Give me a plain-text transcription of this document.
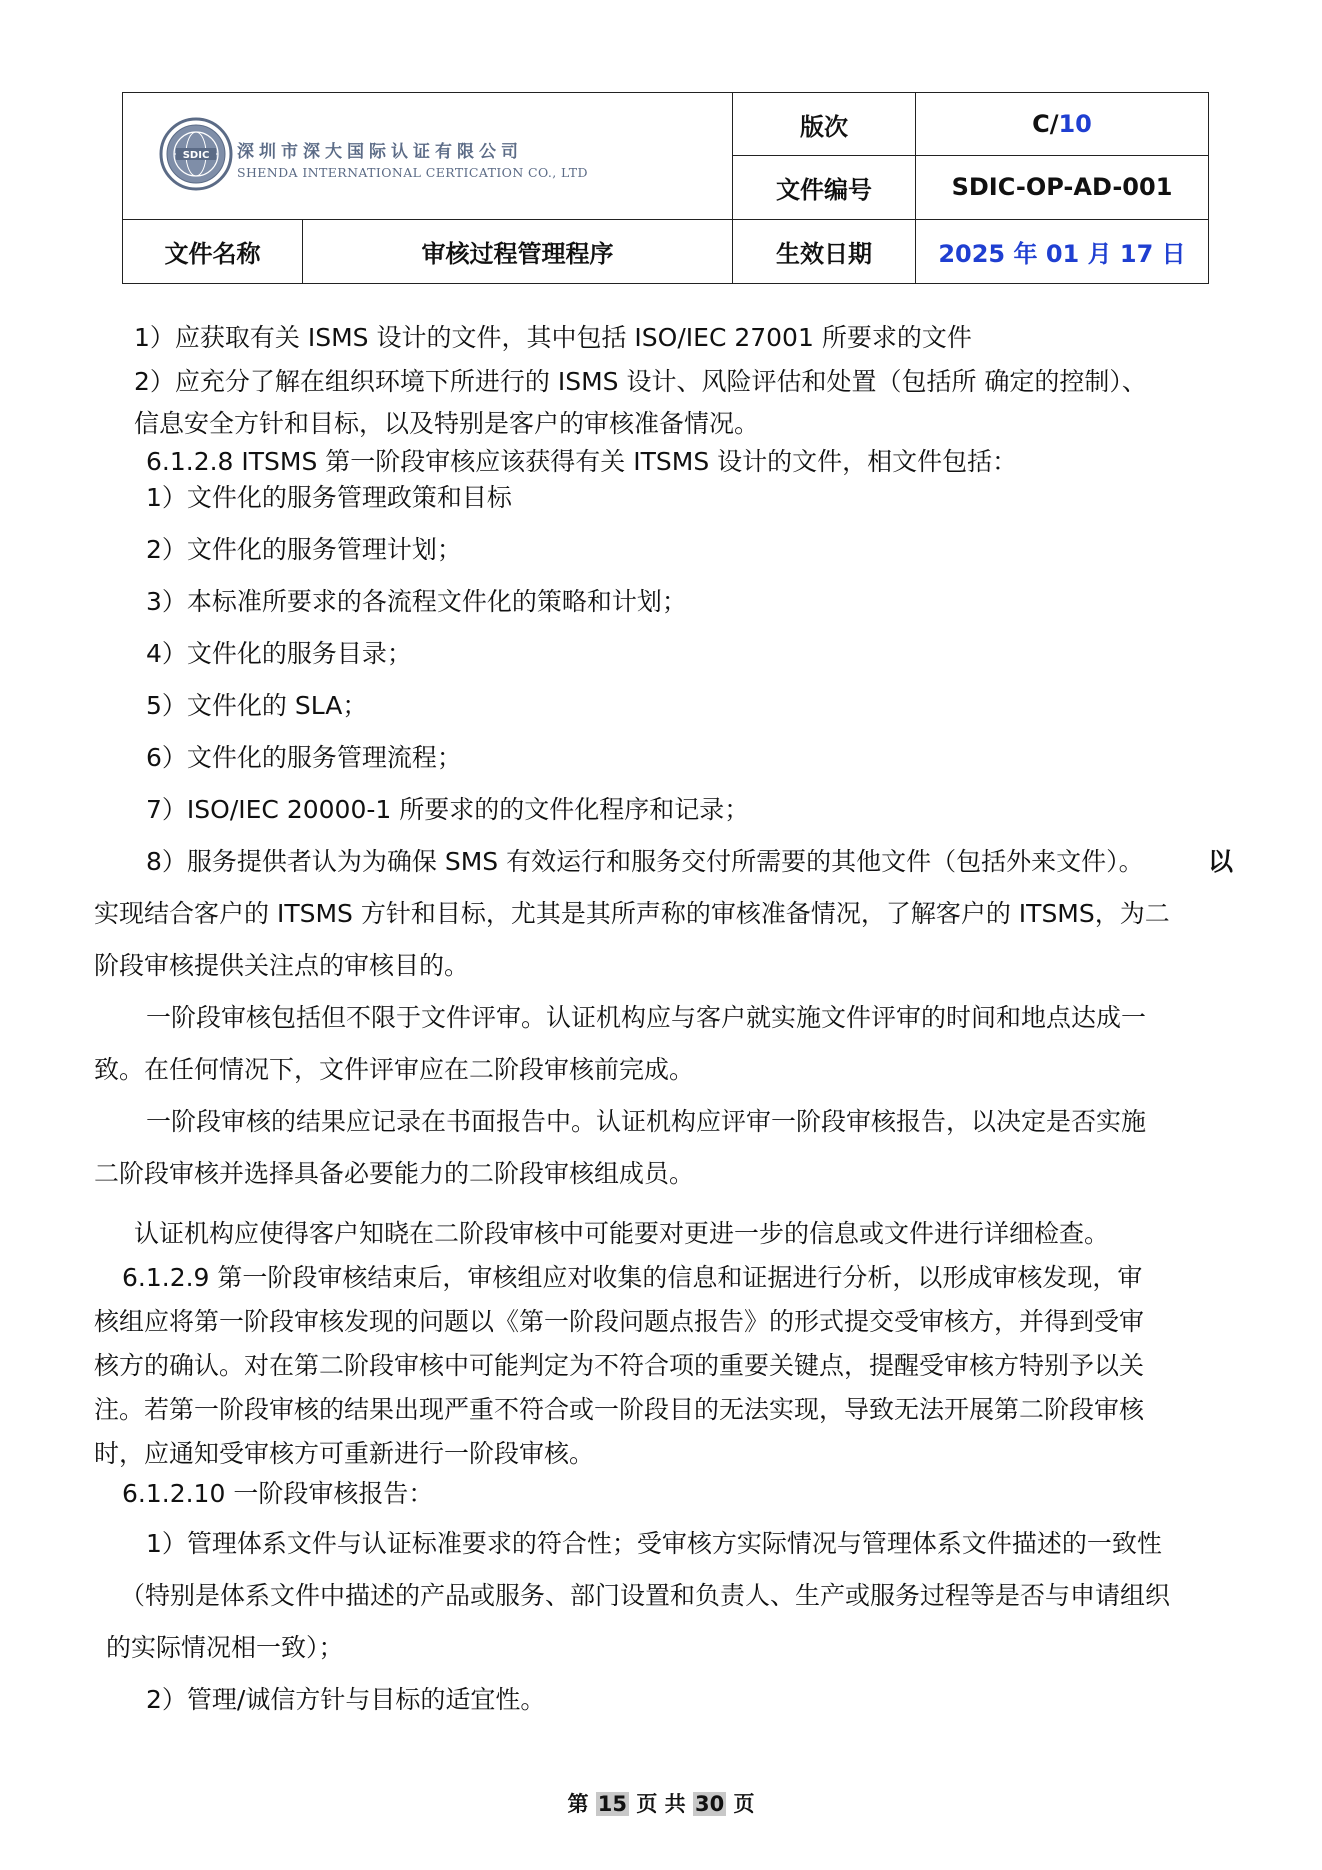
SDIC 深圳市深大国际认证有限公司
SHENDA INTERNATIONAL CERTICATION CO., LTD		版次	C/10
		文件编号	SDIC-OP-AD-001
文件名称	审核过程管理程序	生效日期	2025 年 01 月 17 日
1）应获取有关 ISMS 设计的文件，其中包括 ISO/IEC 27001 所要求的文件
2）应充分了解在组织环境下所进行的 ISMS 设计、风险评估和处置（包括所 确定的控制）、
信息安全方针和目标，以及特别是客户的审核准备情况。
6.1.2.8 ITSMS 第一阶段审核应该获得有关 ITSMS 设计的文件，相文件包括：
1）文件化的服务管理政策和目标
2）文件化的服务管理计划；
3）本标准所要求的各流程文件化的策略和计划；
4）文件化的服务目录；
5）文件化的 SLA；
6）文件化的服务管理流程；
7）ISO/IEC 20000-1 所要求的的文件化程序和记录；
8）服务提供者认为为确保 SMS 有效运行和服务交付所需要的其他文件（包括外来文件）。	以
实现结合客户的 ITSMS 方针和目标，尤其是其所声称的审核准备情况，了解客户的 ITSMS，为二
阶段审核提供关注点的审核目的。
一阶段审核包括但不限于文件评审。认证机构应与客户就实施文件评审的时间和地点达成一
致。在任何情况下，文件评审应在二阶段审核前完成。
一阶段审核的结果应记录在书面报告中。认证机构应评审一阶段审核报告，以决定是否实施
二阶段审核并选择具备必要能力的二阶段审核组成员。
认证机构应使得客户知晓在二阶段审核中可能要对更进一步的信息或文件进行详细检查。
6.1.2.9 第一阶段审核结束后，审核组应对收集的信息和证据进行分析，以形成审核发现，审
核组应将第一阶段审核发现的问题以《第一阶段问题点报告》的形式提交受审核方，并得到受审
核方的确认。对在第二阶段审核中可能判定为不符合项的重要关键点，提醒受审核方特别予以关
注。若第一阶段审核的结果出现严重不符合或一阶段目的无法实现，导致无法开展第二阶段审核
时，应通知受审核方可重新进行一阶段审核。
6.1.2.10 一阶段审核报告：
1）管理体系文件与认证标准要求的符合性；受审核方实际情况与管理体系文件描述的一致性
（特别是体系文件中描述的产品或服务、部门设置和负责人、生产或服务过程等是否与申请组织
的实际情况相一致）；
2）管理/诚信方针与目标的适宜性。
第 15 页 共 30 页
